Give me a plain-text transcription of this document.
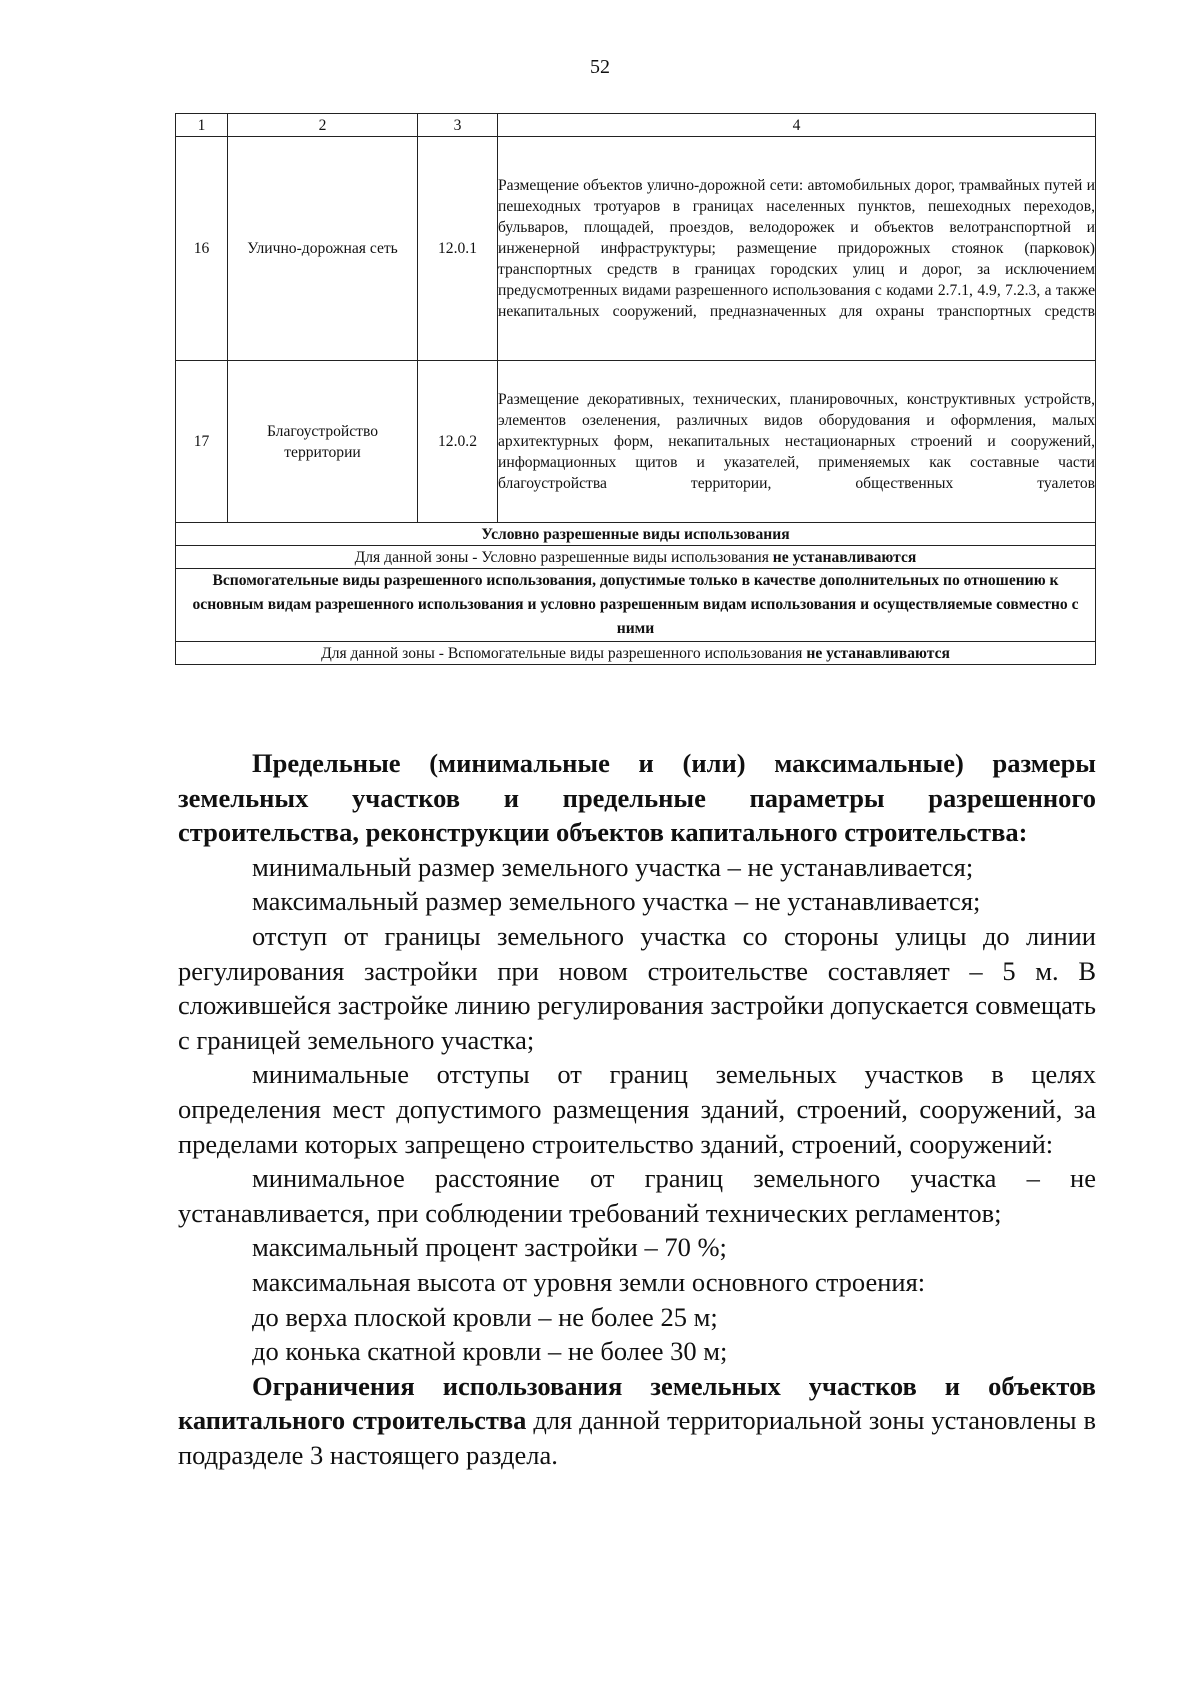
52
1	2	3	4
16	Улично-дорожная сеть	12.0.1	Размещение объектов улично-дорожной сети: автомобильных дорог, трамвайных путей и пешеходных тротуаров в границах населенных пунктов, пешеходных переходов, бульваров, площадей, проездов, велодорожек и объектов велотранспортной и инженерной инфраструктуры; размещение придорожных стоянок (парковок) транспортных средств в границах городских улиц и дорог, за исключением предусмотренных видами разрешенного использования с кодами 2.7.1, 4.9, 7.2.3, а также некапитальных сооружений, предназначенных для охраны транспортных средств
17	Благоустройство территории	12.0.2	Размещение декоративных, технических, планировочных, конструктивных устройств, элементов озеленения, различных видов оборудования и оформления, малых архитектурных форм, некапитальных нестационарных строений и сооружений, информационных щитов и указателей, применяемых как составные части благоустройства территории, общественных туалетов
Условно разрешенные виды использования			
Для данной зоны - Условно разрешенные виды использования не устанавливаются			
Вспомогательные виды разрешенного использования, допустимые только в качестве дополнительных по отношению к основным видам разрешенного использования и условно разрешенным видам использования и осуществляемые совместно с ними			
Для данной зоны - Вспомогательные виды разрешенного использования не устанавливаются			

Предельные (минимальные и (или) максимальные) размеры земельных участков и предельные параметры разрешенного строительства, реконструкции объектов капитального строительства:

минимальный размер земельного участка – не устанавливается;

максимальный размер земельного участка – не устанавливается;

отступ от границы земельного участка со стороны улицы до линии регулирования застройки при новом строительстве составляет – 5 м. В сложившейся застройке линию регулирования застройки допускается совмещать с границей земельного участка;

минимальные отступы от границ земельных участков в целях определения мест допустимого размещения зданий, строений, сооружений, за пределами которых запрещено строительство зданий, строений, сооружений:

минимальное расстояние от границ земельного участка – не устанавливается, при соблюдении требований технических регламентов;

максимальный процент застройки – 70 %;

максимальная высота от уровня земли основного строения:

до верха плоской кровли – не более 25 м;

до конька скатной кровли – не более 30 м;

Ограничения использования земельных участков и объектов капитального строительства для данной территориальной зоны установлены в подразделе 3 настоящего раздела.
